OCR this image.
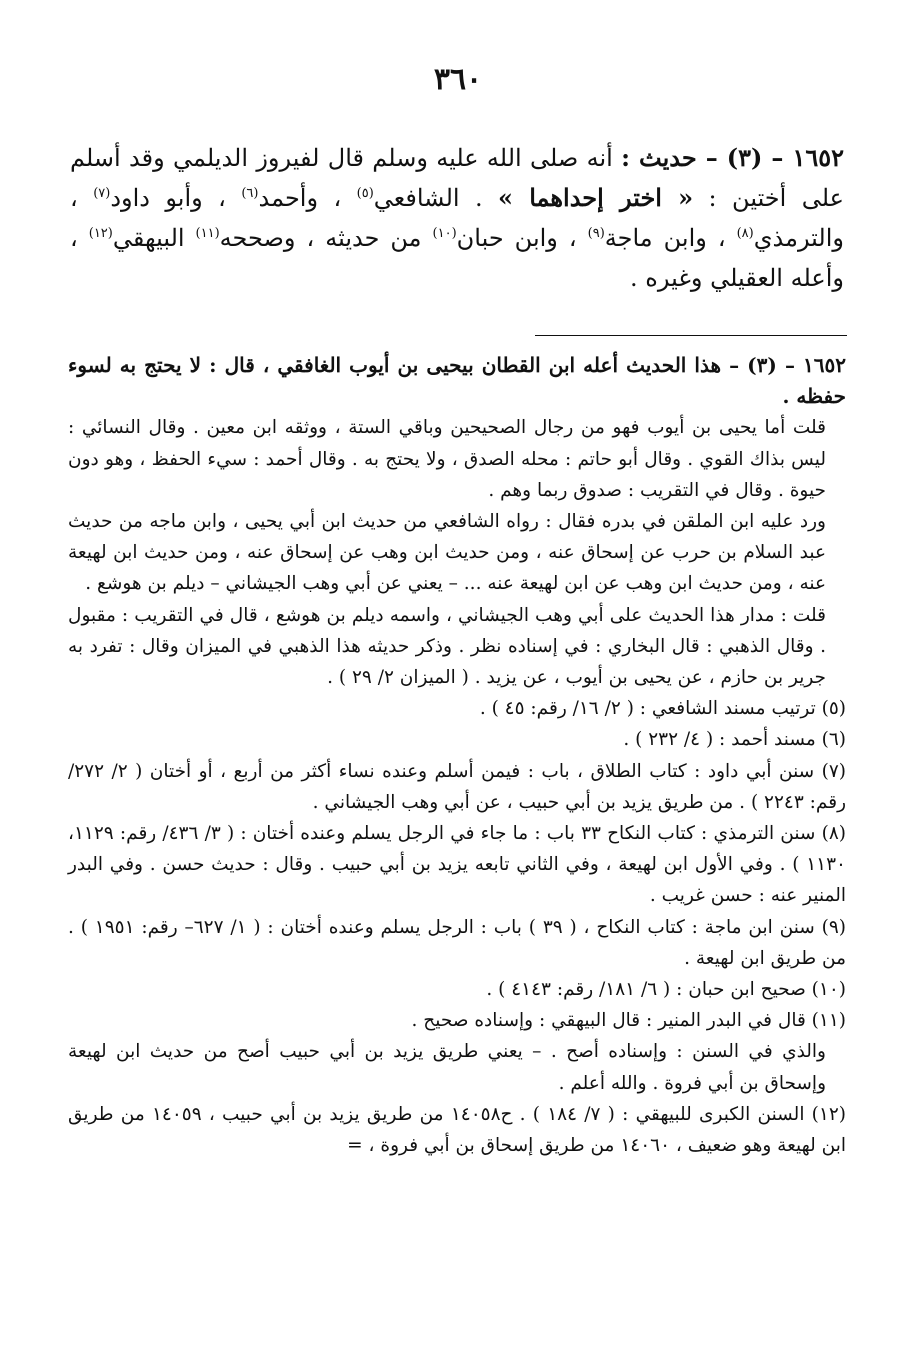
٣٦٠
١٦٥٢ – (٣) – حديث : أنه صلى الله عليه وسلم قال لفيروز الديلمي وقد أسلم على أختين : « اختر إحداهما » . الشافعي$^{(٥)}$ ، وأحمد$^{(٦)}$ ، وأبو داود$^{(٧)}$ ، والترمذي$^{(٨)}$ ، وابن ماجة$^{(٩)}$ ، وابن حبان$^{(١٠)}$ من حديثه ، وصححه$^{(١١)}$ البيهقي$^{(١٢)}$ ، وأعله العقيلي وغيره .

١٦٥٢ – (٣) – هذا الحديث أعله ابن القطان بيحيى بن أيوب الغافقي ، قال : لا يحتج به لسوء حفظه .

قلت أما يحيى بن أيوب فهو من رجال الصحيحين وباقي الستة ، ووثقه ابن معين . وقال النسائي : ليس بذاك القوي . وقال أبو حاتم : محله الصدق ، ولا يحتج به . وقال أحمد : سيء الحفظ ، وهو دون حيوة . وقال في التقريب : صدوق ربما وهم .

ورد عليه ابن الملقن في بدره فقال : رواه الشافعي من حديث ابن أبي يحيى ، وابن ماجه من حديث عبد السلام بن حرب عن إسحاق عنه ، ومن حديث ابن وهب عن إسحاق عنه ، ومن حديث ابن لهيعة عنه ، ومن حديث ابن وهب عن ابن لهيعة عنه ... – يعني عن أبي وهب الجيشاني – ديلم بن هوشع .

قلت : مدار هذا الحديث على أبي وهب الجيشاني ، واسمه ديلم بن هوشع ، قال في التقريب : مقبول . وقال الذهبي : قال البخاري : في إسناده نظر . وذكر حديثه هذا الذهبي في الميزان وقال : تفرد به جرير بن حازم ، عن يحيى بن أيوب ، عن يزيد . ( الميزان ٢/ ٢٩ ) .

(٥) ترتيب مسند الشافعي : ( ٢/ ١٦/ رقم: ٤٥ ) .

(٦) مسند أحمد : ( ٤/ ٢٣٢ ) .

(٧) سنن أبي داود : كتاب الطلاق ، باب : فيمن أسلم وعنده نساء أكثر من أربع ، أو أختان ( ٢/ ٢٧٢/ رقم: ٢٢٤٣ ) . من طريق يزيد بن أبي حبيب ، عن أبي وهب الجيشاني .

(٨) سنن الترمذي : كتاب النكاح ٣٣ باب : ما جاء في الرجل يسلم وعنده أختان : ( ٣/ ٤٣٦/ رقم: ١١٢٩، ١١٣٠ ) . وفي الأول ابن لهيعة ، وفي الثاني تابعه يزيد بن أبي حبيب . وقال : حديث حسن . وفي البدر المنير عنه : حسن غريب .

(٩) سنن ابن ماجة : كتاب النكاح ، ( ٣٩ ) باب : الرجل يسلم وعنده أختان : ( ١/ ٦٢٧– رقم: ١٩٥١ ) . من طريق ابن لهيعة .

(١٠) صحيح ابن حبان : ( ٦/ ١٨١/ رقم: ٤١٤٣ ) .

(١١) قال في البدر المنير : قال البيهقي : وإسناده صحيح .

والذي في السنن : وإسناده أصح . – يعني طريق يزيد بن أبي حبيب أصح من حديث ابن لهيعة وإسحاق بن أبي فروة . والله أعلم .

(١٢) السنن الكبرى للبيهقي : ( ٧/ ١٨٤ ) . ح١٤٠٥٨ من طريق يزيد بن أبي حبيب ، ١٤٠٥٩ من طريق ابن لهيعة وهو ضعيف ، ١٤٠٦٠ من طريق إسحاق بن أبي فروة ، =
